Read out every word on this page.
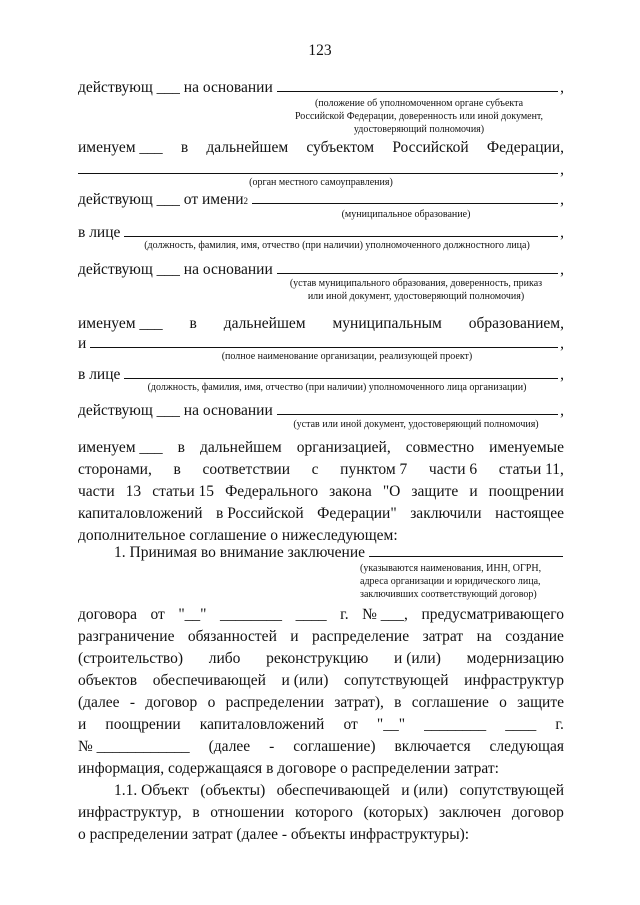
123
действующ ___ на основании	,
(положение об уполномоченном органе субъекта
Российской Федерации, доверенность или иной документ,
удостоверяющий полномочия)
именуем ___ в дальнейшем субъектом Российской Федерации,
,
(орган местного самоуправления)
действующ ___ от имени 2	,
(муниципальное образование)
в лице	,
(должность, фамилия, имя, отчество (при наличии) уполномоченного должностного лица)
действующ ___ на основании	,
(устав муниципального образования, доверенность, приказ
или иной документ, удостоверяющий полномочия)
именуем ___ в дальнейшем муниципальным образованием,
и	,
(полное наименование организации, реализующей проект)
в лице	,
(должность, фамилия, имя, отчество (при наличии) уполномоченного лица организации)
действующ ___ на основании	,
(устав или иной документ, удостоверяющий полномочия)
именуем ___ в дальнейшем организацией, совместно именуемые
сторонами, в соответствии с пунктом 7 части 6 статьи 11,
части 13 статьи 15 Федерального закона "О защите и поощрении
капиталовложений в Российской Федерации" заключили настоящее
дополнительное соглашение о нижеследующем:
1. Принимая во внимание заключение
(указываются наименования, ИНН, ОГРН,
адреса организации и юридического лица,
заключивших соответствующий договор)
договора от "__" ________ ____ г. № ___, предусматривающего
разграничение обязанностей и распределение затрат на создание
(строительство) либо реконструкцию и (или) модернизацию
объектов обеспечивающей и (или) сопутствующей инфраструктур
(далее - договор о распределении затрат), в соглашение о защите
и поощрении капиталовложений от "__" ________ ____ г.
№ ____________ (далее - соглашение) включается следующая
информация, содержащаяся в договоре о распределении затрат:
1.1. Объект (объекты) обеспечивающей и (или) сопутствующей
инфраструктур, в отношении которого (которых) заключен договор
о распределении затрат (далее - объекты инфраструктуры):
